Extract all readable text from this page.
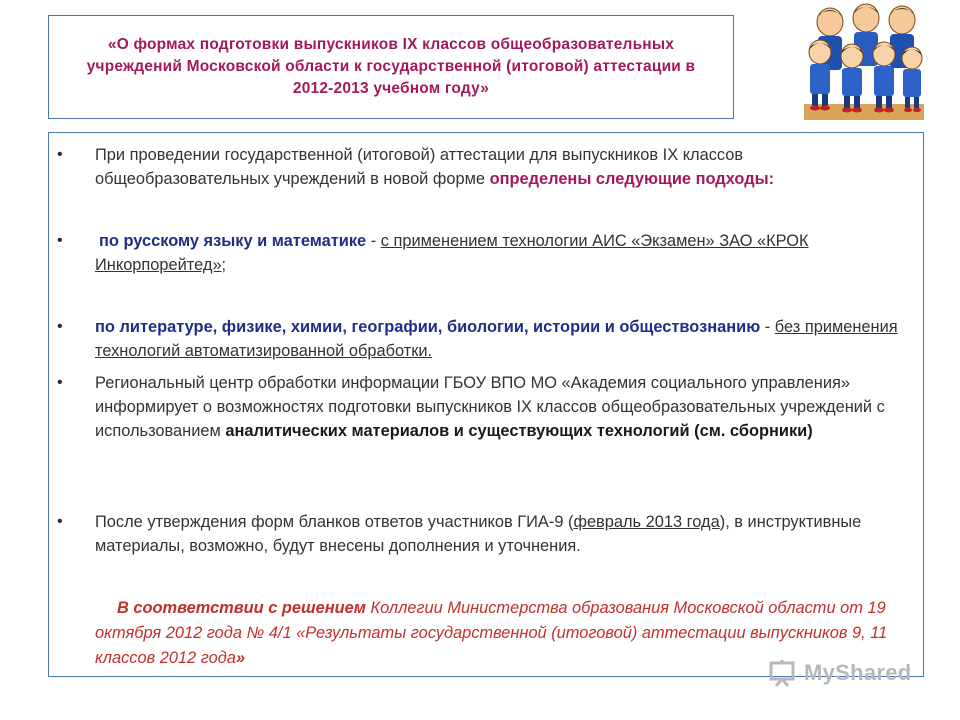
«О формах подготовки выпускников IX классов общеобразовательных учреждений Московской области к государственной (итоговой) аттестации в 2012-2013 учебном году»
• При проведении государственной (итоговой) аттестации для выпускников IX классов общеобразовательных учреждений в новой форме определены следующие подходы:
• по русскому языку и математике - с применением технологии АИС «Экзамен» ЗАО «КРОК Инкорпорейтед»;
• по литературе, физике, химии, географии, биологии, истории и обществознанию - без применения технологий автоматизированной обработки.
• Региональный центр обработки информации ГБОУ ВПО МО «Академия социального управления» информирует о возможностях подготовки выпускников IX классов общеобразовательных учреждений с использованием аналитических материалов и существующих технологий (см. сборники)
• После утверждения форм бланков ответов участников ГИА-9 (февраль 2013 года), в инструктивные материалы, возможно, будут внесены дополнения и уточнения.
В соответствии с решением Коллегии Министерства образования Московской области от 19 октября 2012 года № 4/1 «Результаты государственной (итоговой) аттестации выпускников 9, 11 классов 2012 года»
MyShared
